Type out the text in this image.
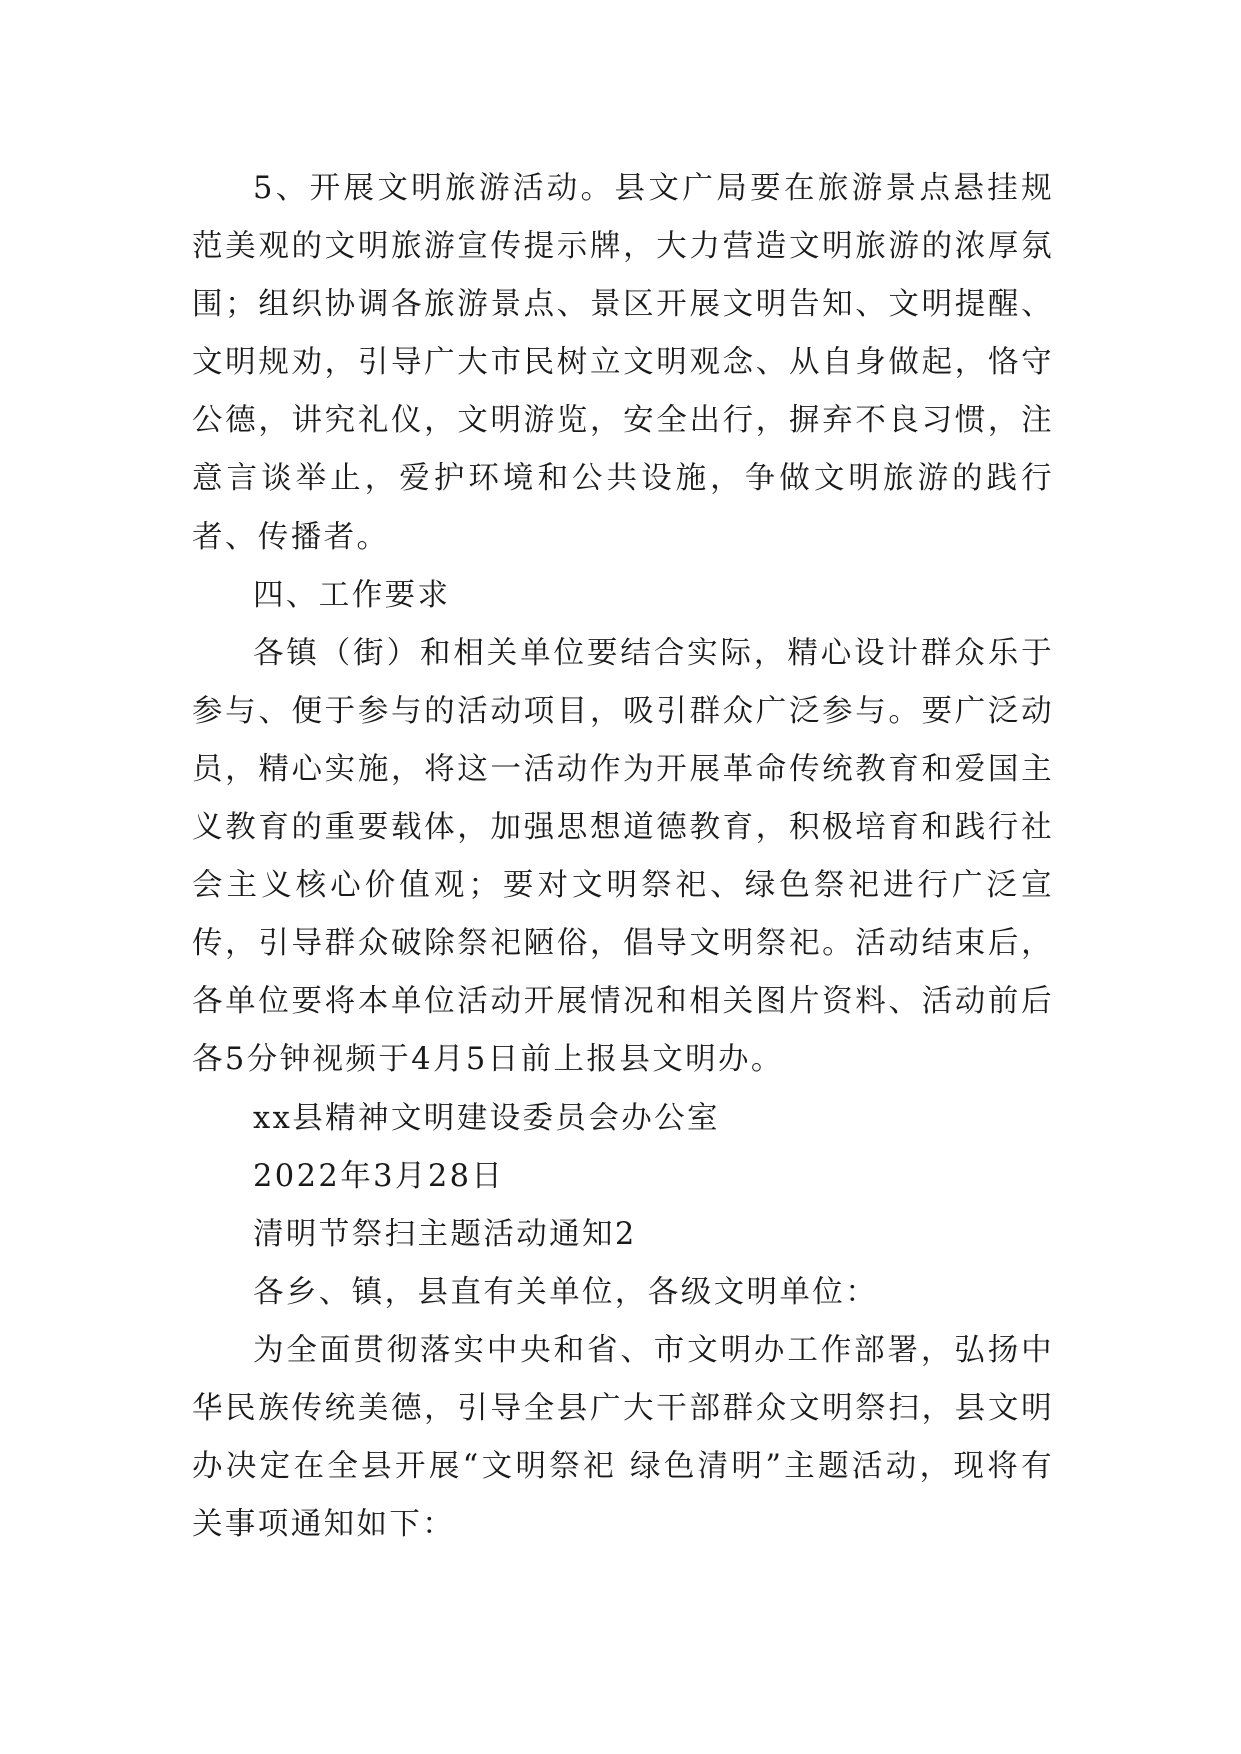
5、开展文明旅游活动。县文广局要在旅游景点悬挂规范美观的文明旅游宣传提示牌，大力营造文明旅游的浓厚氛围；组织协调各旅游景点、景区开展文明告知、文明提醒、文明规劝，引导广大市民树立文明观念、从自身做起，恪守公德，讲究礼仪，文明游览，安全出行，摒弃不良习惯，注意言谈举止，爱护环境和公共设施，争做文明旅游的践行者、传播者。

四、工作要求

各镇（街）和相关单位要结合实际，精心设计群众乐于参与、便于参与的活动项目，吸引群众广泛参与。要广泛动员，精心实施，将这一活动作为开展革命传统教育和爱国主义教育的重要载体，加强思想道德教育，积极培育和践行社会主义核心价值观；要对文明祭祀、绿色祭祀进行广泛宣传，引导群众破除祭祀陋俗，倡导文明祭祀。活动结束后，各单位要将本单位活动开展情况和相关图片资料、活动前后各5分钟视频于4月5日前上报县文明办。

xx县精神文明建设委员会办公室

2022年3月28日

清明节祭扫主题活动通知2

各乡、镇，县直有关单位，各级文明单位：

为全面贯彻落实中央和省、市文明办工作部署，弘扬中华民族传统美德，引导全县广大干部群众文明祭扫，县文明办决定在全县开展“文明祭祀 绿色清明”主题活动，现将有关事项通知如下：
